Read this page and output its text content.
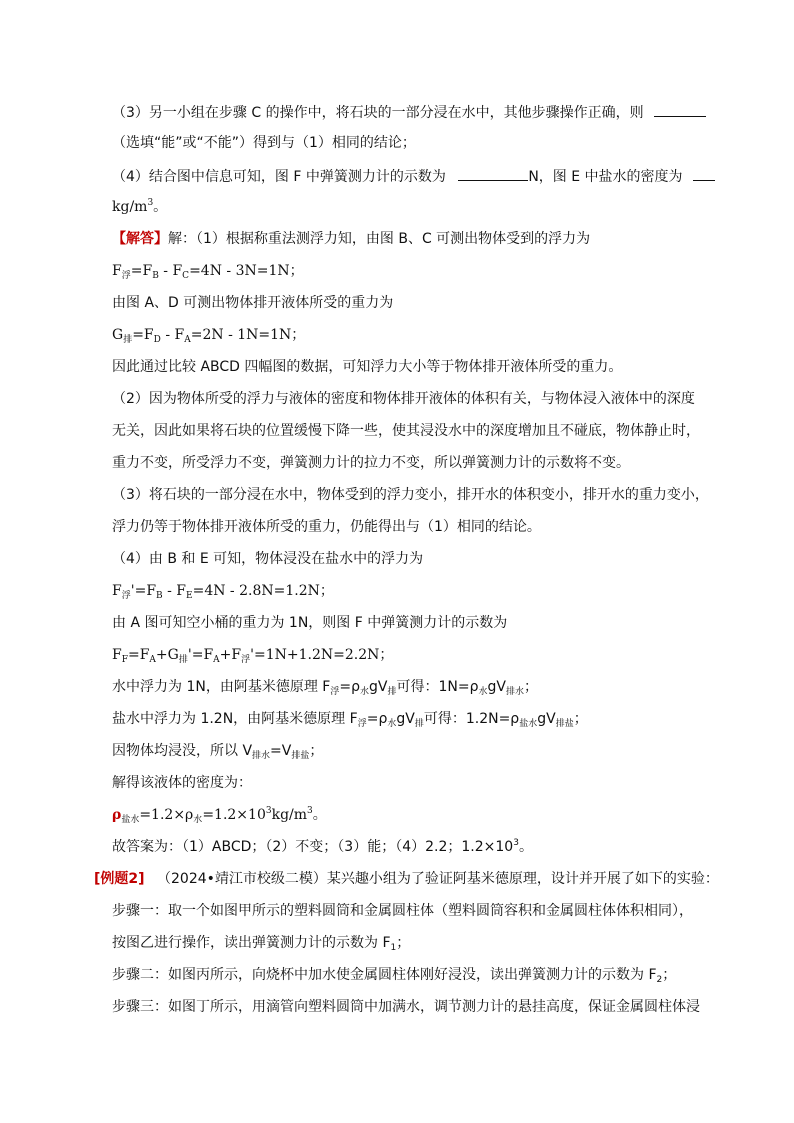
（3）另一小组在步骤 C 的操作中，将石块的一部分浸在水中，其他步骤操作正确，则
（选填“能”或“不能”）得到与（1）相同的结论；
（4）结合图中信息可知，图 F 中弹簧测力计的示数为	N，图 E 中盐水的密度为
$kg/m^3$。
【解答】解：（1）根据称重法测浮力知，由图 B、C 可测出物体受到的浮力为
$F_浮=F_B - F_C=4N - 3N=1N$；
由图 A、D 可测出物体排开液体所受的重力为
$G_排=F_D - F_A=2N - 1N=1N$；
因此通过比较 ABCD 四幅图的数据，可知浮力大小等于物体排开液体所受的重力。
（2）因为物体所受的浮力与液体的密度和物体排开液体的体积有关，与物体浸入液体中的深度
无关，因此如果将石块的位置缓慢下降一些，使其浸没水中的深度增加且不碰底，物体静止时，
重力不变，所受浮力不变，弹簧测力计的拉力不变，所以弹簧测力计的示数将不变。
（3）将石块的一部分浸在水中，物体受到的浮力变小，排开水的体积变小，排开水的重力变小，
浮力仍等于物体排开液体所受的重力，仍能得出与（1）相同的结论。
（4）由 B 和 E 可知，物体浸没在盐水中的浮力为
$F_浮'=F_B - F_E=4N - 2.8N=1.2N$；
由 A 图可知空小桶的重力为 1N，则图 F 中弹簧测力计的示数为
$F_F=F_A+G_排'=F_A+F_浮'=1N+1.2N=2.2N$；
水中浮力为 1N，由阿基米德原理 $F_浮=\rho_水gV_排$可得：$1N=\rho_水gV_{排水}$；
盐水中浮力为 1.2N，由阿基米德原理 $F_浮=\rho_水gV_排$可得：$1.2N=\rho_{盐水}gV_{排盐}$；
因物体均浸没，所以 $V_{排水}=V_{排盐}$；
解得该液体的密度为：
$\rho_{盐水}=1.2\times\rho_水=1.2\times 10^3kg/m^3$。
故答案为：（1）ABCD；（2）不变；（3）能；（4）2.2；$1.2\times 10^3$。
[例题2] （2024•靖江市校级二模）某兴趣小组为了验证阿基米德原理，设计并开展了如下的实验：
步骤一：取一个如图甲所示的塑料圆筒和金属圆柱体（塑料圆筒容积和金属圆柱体体积相同），
按图乙进行操作，读出弹簧测力计的示数为 $F_1$；
步骤二：如图丙所示，向烧杯中加水使金属圆柱体刚好浸没，读出弹簧测力计的示数为 $F_2$；
步骤三：如图丁所示，用滴管向塑料圆筒中加满水，调节测力计的悬挂高度，保证金属圆柱体浸
